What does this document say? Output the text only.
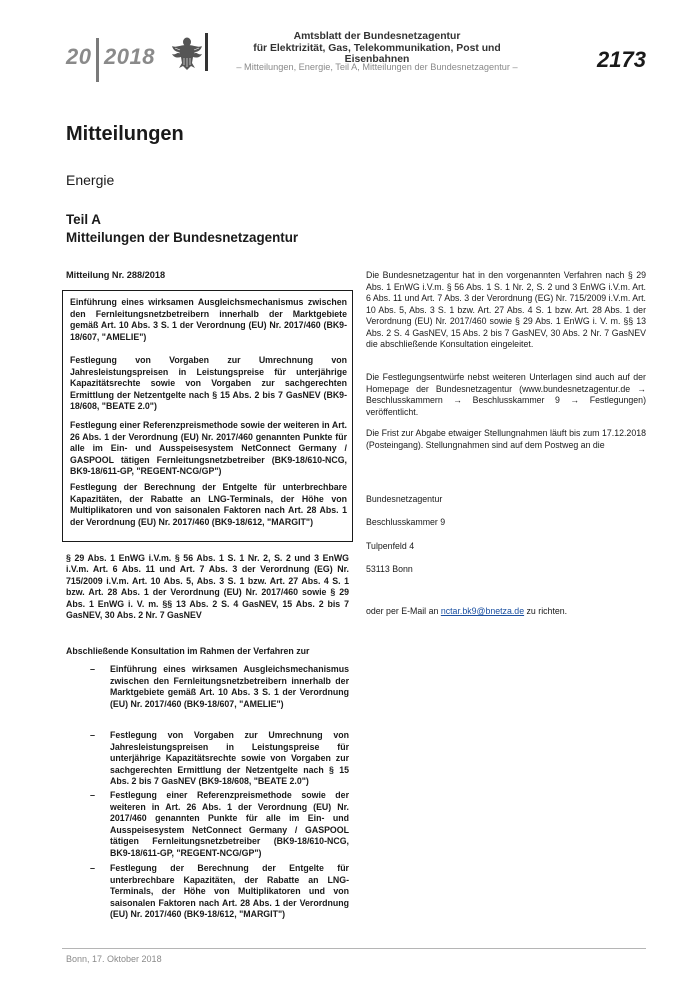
20 2018
Amtsblatt der Bundesnetzagentur
für Elektrizität, Gas, Telekommunikation, Post und Eisenbahnen
– Mitteilungen, Energie, Teil A, Mitteilungen der Bundesnetzagentur –	2173
Mitteilungen
Energie
Teil A
Mitteilungen der Bundesnetzagentur
Mitteilung Nr. 288/2018
Einführung eines wirksamen Ausgleichsmechanismus zwischen den Fernleitungsnetzbetreibern innerhalb der Marktgebiete gemäß Art. 10 Abs. 3 S. 1 der Verordnung (EU) Nr. 2017/460 (BK9-18/607, "AMELIE")
Festlegung von Vorgaben zur Umrechnung von Jahresleistungspreisen in Leistungspreise für unterjährige Kapazitätsrechte sowie von Vorgaben zur sachgerechten Ermittlung der Netzentgelte nach § 15 Abs. 2 bis 7 GasNEV (BK9-18/608, "BEATE 2.0")
Festlegung einer Referenzpreismethode sowie der weiteren in Art. 26 Abs. 1 der Verordnung (EU) Nr. 2017/460 genannten Punkte für alle im Ein- und Ausspeisesystem NetConnect Germany / GASPOOL tätigen Fernleitungsnetzbetreiber (BK9-18/610-NCG, BK9-18/611-GP, "REGENT-NCG/GP")
Festlegung der Berechnung der Entgelte für unterbrechbare Kapazitäten, der Rabatte an LNG-Terminals, der Höhe von Multiplikatoren und von saisonalen Faktoren nach Art. 28 Abs. 1 der Verordnung (EU) Nr. 2017/460 (BK9-18/612, "MARGIT")
§ 29 Abs. 1 EnWG i.V.m. § 56 Abs. 1 S. 1 Nr. 2, S. 2 und 3 EnWG i.V.m. Art. 6 Abs. 11 und Art. 7 Abs. 3 der Verordnung (EG) Nr. 715/2009 i.V.m. Art. 10 Abs. 5, Abs. 3 S. 1 bzw. Art. 27 Abs. 4 S. 1 bzw. Art. 28 Abs. 1 der Verordnung (EU) Nr. 2017/460 sowie § 29 Abs. 1 EnWG i. V. m. §§ 13 Abs. 2 S. 4 GasNEV, 15 Abs. 2 bis 7 GasNEV, 30 Abs. 2 Nr. 7 GasNEV
Abschließende Konsultation im Rahmen der Verfahren zur
– Einführung eines wirksamen Ausgleichsmechanismus zwischen den Fernleitungsnetzbetreibern innerhalb der Marktgebiete gemäß Art. 10 Abs. 3 S. 1 der Verordnung (EU) Nr. 2017/460 (BK9-18/607, "AMELIE")
– Festlegung von Vorgaben zur Umrechnung von Jahresleistungspreisen in Leistungspreise für unterjährige Kapazitätsrechte sowie von Vorgaben zur sachgerechten Ermittlung der Netzentgelte nach § 15 Abs. 2 bis 7 GasNEV (BK9-18/608, "BEATE 2.0")
– Festlegung einer Referenzpreismethode sowie der weiteren in Art. 26 Abs. 1 der Verordnung (EU) Nr. 2017/460 genannten Punkte für alle im Ein- und Ausspeisesystem NetConnect Germany / GASPOOL tätigen Fernleitungsnetzbetreiber (BK9-18/610-NCG, BK9-18/611-GP, "REGENT-NCG/GP")
– Festlegung der Berechnung der Entgelte für unterbrechbare Kapazitäten, der Rabatte an LNG-Terminals, der Höhe von Multiplikatoren und von saisonalen Faktoren nach Art. 28 Abs. 1 der Verordnung (EU) Nr. 2017/460 (BK9-18/612, "MARGIT")
Die Bundesnetzagentur hat in den vorgenannten Verfahren nach § 29 Abs. 1 EnWG i.V.m. § 56 Abs. 1 S. 1 Nr. 2, S. 2 und 3 EnWG i.V.m. Art. 6 Abs. 11 und Art. 7 Abs. 3 der Verordnung (EG) Nr. 715/2009 i.V.m. Art. 10 Abs. 5, Abs. 3 S. 1 bzw. Art. 27 Abs. 4 S. 1 bzw. Art. 28 Abs. 1 der Verordnung (EU) Nr. 2017/460 sowie § 29 Abs. 1 EnWG i. V. m. §§ 13 Abs. 2 S. 4 GasNEV, 15 Abs. 2 bis 7 GasNEV, 30 Abs. 2 Nr. 7 GasNEV die abschließende Konsultation eingeleitet.
Die Festlegungsentwürfe nebst weiteren Unterlagen sind auch auf der Homepage der Bundesnetzagentur (www.bundesnetzagentur.de → Beschlusskammern → Beschlusskammer 9 → Festlegungen) veröffentlicht.
Die Frist zur Abgabe etwaiger Stellungnahmen läuft bis zum 17.12.2018 (Posteingang). Stellungnahmen sind auf dem Postweg an die
Bundesnetzagentur
Beschlusskammer 9
Tulpenfeld 4
53113 Bonn
oder per E-Mail an nctar.bk9@bnetza.de zu richten.
Bonn, 17. Oktober 2018
